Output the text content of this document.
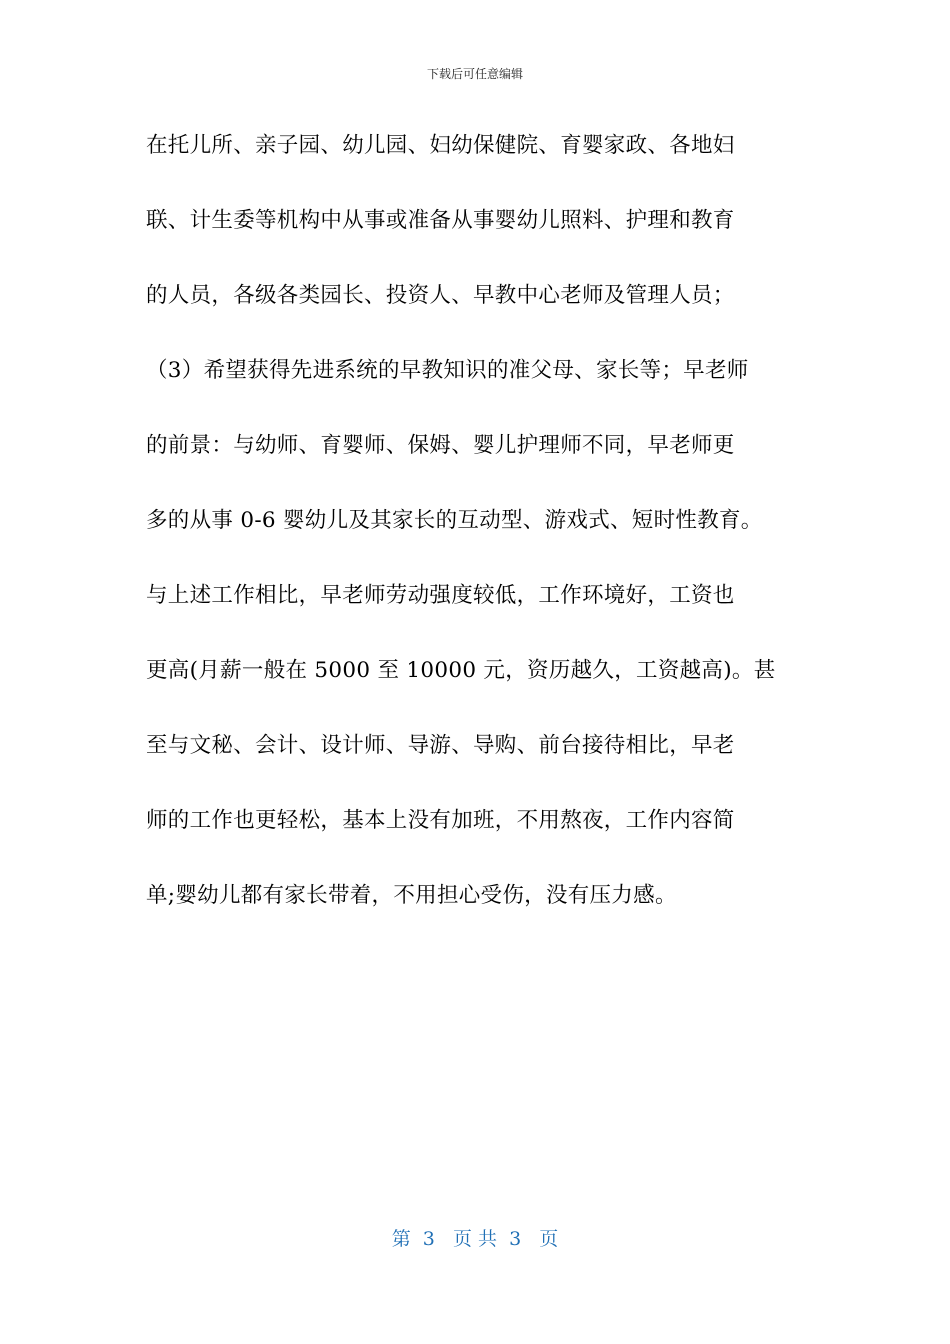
下载后可任意编辑
在托儿所、亲子园、幼儿园、妇幼保健院、育婴家政、各地妇
联、计生委等机构中从事或准备从事婴幼儿照料、护理和教育
的人员，各级各类园长、投资人、早教中心老师及管理人员；
（3）希望获得先进系统的早教知识的准父母、家长等；早老师
的前景：与幼师、育婴师、保姆、婴儿护理师不同，早老师更
多的从事 0-6 婴幼儿及其家长的互动型、游戏式、短时性教育。
与上述工作相比，早老师劳动强度较低，工作环境好，工资也
更高(月薪一般在 5000 至 10000 元，资历越久，工资越高)。甚
至与文秘、会计、设计师、导游、导购、前台接待相比，早老
师的工作也更轻松，基本上没有加班，不用熬夜，工作内容简
单;婴幼儿都有家长带着，不用担心受伤，没有压力感。
第  3   页 共  3   页
